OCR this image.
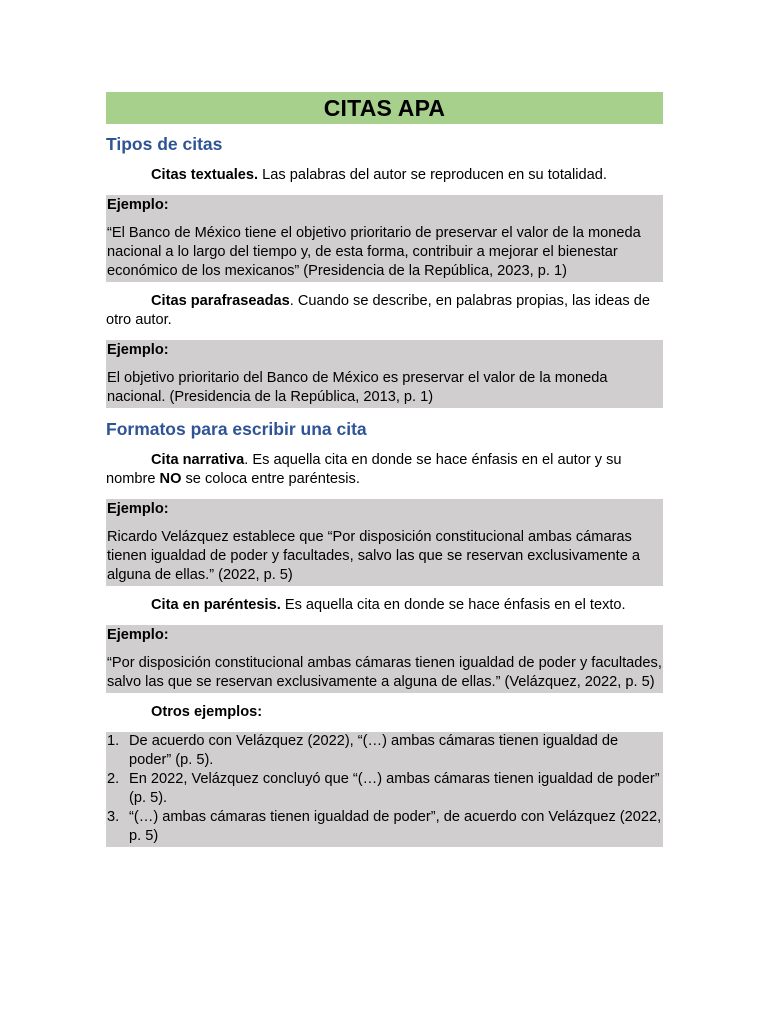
CITAS APA
Tipos de citas

Citas textuales. Las palabras del autor se reproducen en su totalidad.

Ejemplo:
“El Banco de México tiene el objetivo prioritario de preservar el valor de la moneda nacional a lo largo del tiempo y, de esta forma, contribuir a mejorar el bienestar económico de los mexicanos” (Presidencia de la República, 2023, p. 1)

Citas parafraseadas. Cuando se describe, en palabras propias, las ideas de otro autor.

Ejemplo:
El objetivo prioritario del Banco de México es preservar el valor de la moneda nacional. (Presidencia de la República, 2013, p. 1)
Formatos para escribir una cita

Cita narrativa. Es aquella cita en donde se hace énfasis en el autor y su nombre NO se coloca entre paréntesis.

Ejemplo:
Ricardo Velázquez establece que “Por disposición constitucional ambas cámaras tienen igualdad de poder y facultades, salvo las que se reservan exclusivamente a alguna de ellas.” (2022, p. 5)

Cita en paréntesis. Es aquella cita en donde se hace énfasis en el texto.

Ejemplo:
“Por disposición constitucional ambas cámaras tienen igualdad de poder y facultades, salvo las que se reservan exclusivamente a alguna de ellas.” (Velázquez, 2022, p. 5)

Otros ejemplos:

1. De acuerdo con Velázquez (2022), “(…) ambas cámaras tienen igualdad de poder” (p. 5).
2. En 2022, Velázquez concluyó que “(…) ambas cámaras tienen igualdad de poder” (p. 5).
3. “(…) ambas cámaras tienen igualdad de poder”, de acuerdo con Velázquez (2022, p. 5)
